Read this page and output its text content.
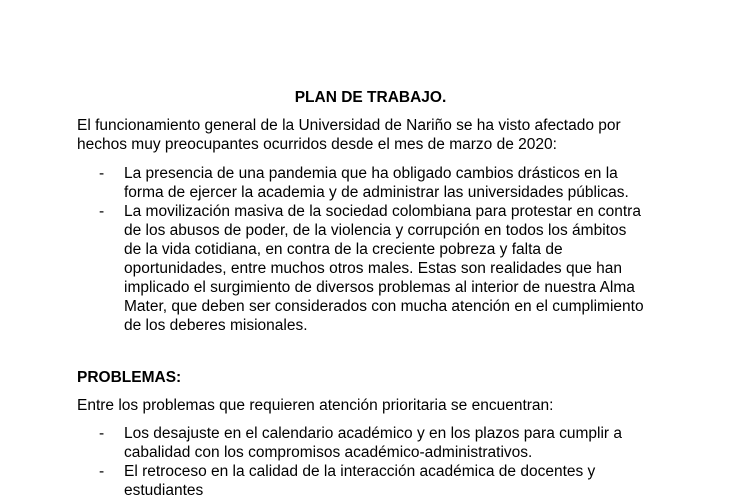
PLAN DE TRABAJO.
El funcionamiento general de la Universidad de Nariño se ha visto afectado por
hechos muy preocupantes ocurridos desde el mes de marzo de 2020:
- La presencia de una pandemia que ha obligado cambios drásticos en la
forma de ejercer la academia y de administrar las universidades públicas.
- La movilización masiva de la sociedad colombiana para protestar en contra
de los abusos de poder, de la violencia y corrupción en todos los ámbitos
de la vida cotidiana, en contra de la creciente pobreza y falta de
oportunidades, entre muchos otros males. Estas son realidades que han
implicado el surgimiento de diversos problemas al interior de nuestra Alma
Mater, que deben ser considerados con mucha atención en el cumplimiento
de los deberes misionales.
PROBLEMAS:
Entre los problemas que requieren atención prioritaria se encuentran:
- Los desajuste en el calendario académico y en los plazos para cumplir a
cabalidad con los compromisos académico-administrativos.
- El retroceso en la calidad de la interacción académica de docentes y
estudiantes
